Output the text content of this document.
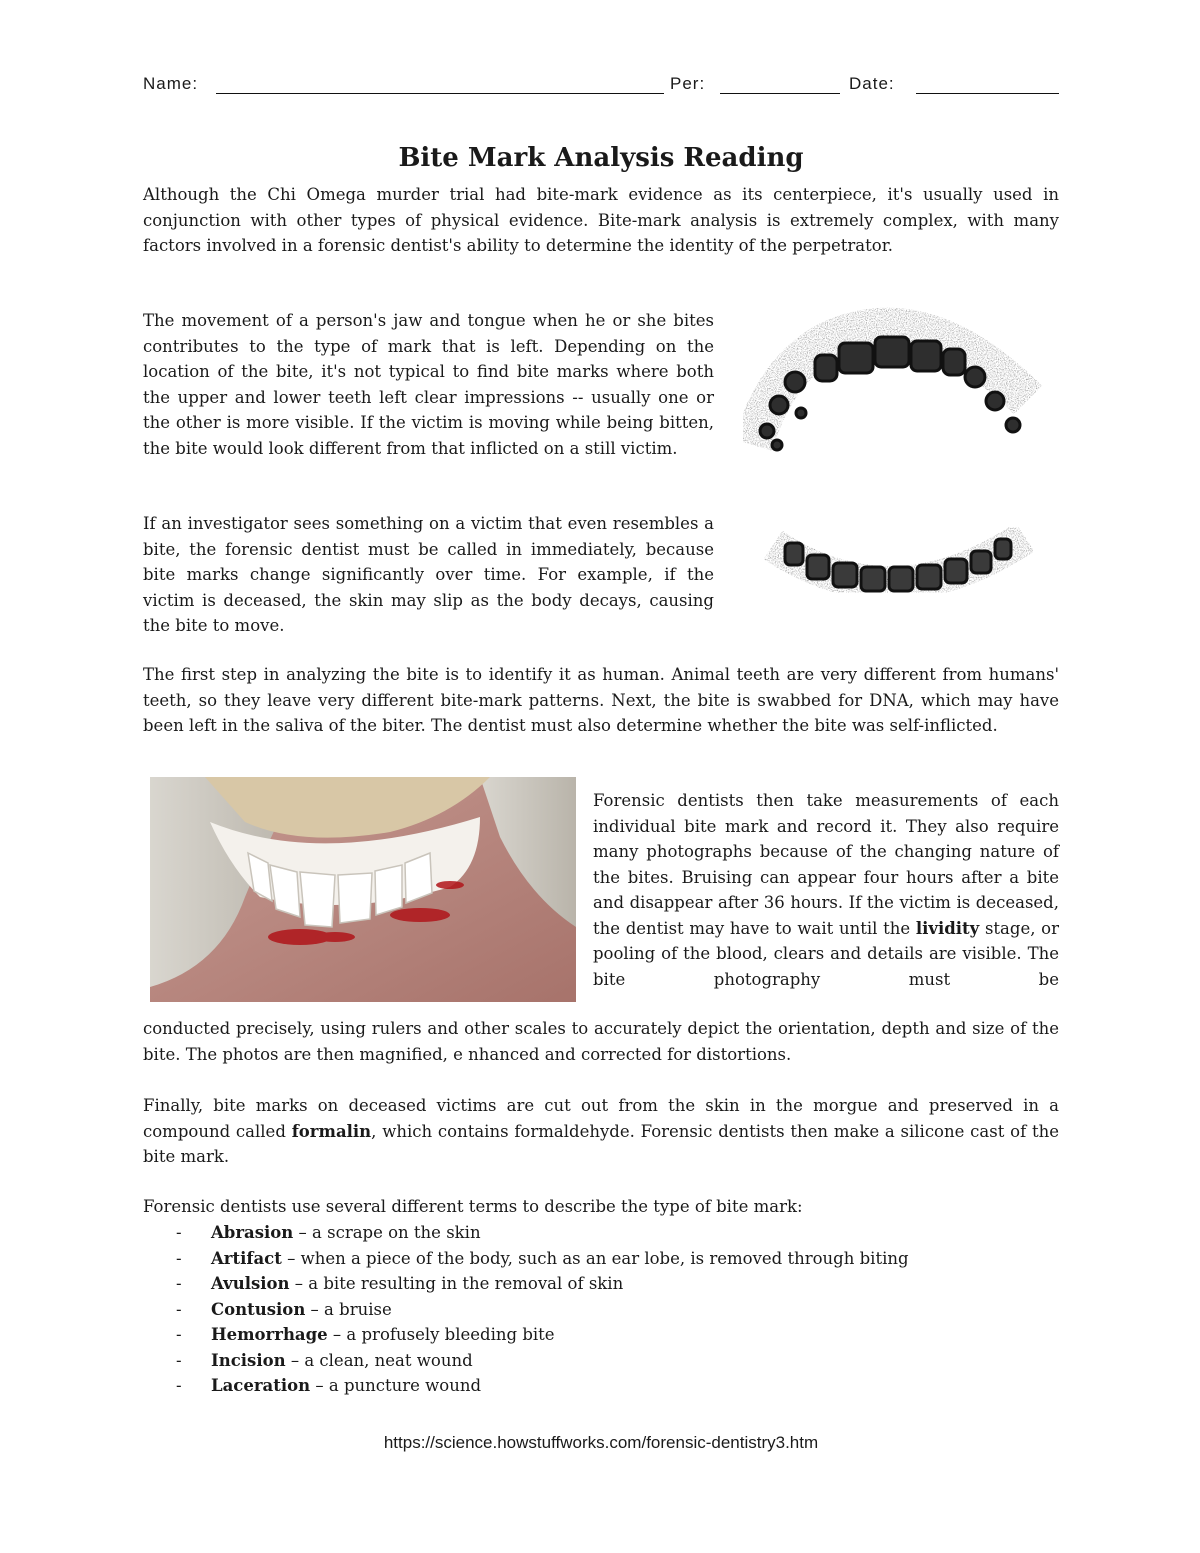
Name:	Per:	Date:
Bite Mark Analysis Reading

Although the Chi Omega murder trial had bite-mark evidence as its centerpiece, it's usually used in conjunction with other types of physical evidence. Bite-mark analysis is extremely complex, with many factors involved in a forensic dentist's ability to determine the identity of the perpetrator.

The movement of a person's jaw and tongue when he or she bites contributes to the type of mark that is left. Depending on the location of the bite, it's not typical to find bite marks where both the upper and lower teeth left clear impressions -- usually one or the other is more visible. If the victim is moving while being bitten, the bite would look different from that inflicted on a still victim.

If an investigator sees something on a victim that even resembles a bite, the forensic dentist must be called in immediately, because bite marks change significantly over time. For example, if the victim is deceased, the skin may slip as the body decays, causing the bite to move.

The first step in analyzing the bite is to identify it as human. Animal teeth are very different from humans' teeth, so they leave very different bite-mark patterns. Next, the bite is swabbed for DNA, which may have been left in the saliva of the biter. The dentist must also determine whether the bite was self-inflicted.

Forensic dentists then take measurements of each individual bite mark and record it. They also require many photographs because of the changing nature of the bites. Bruising can appear four hours after a bite and disappear after 36 hours. If the victim is deceased, the dentist may have to wait until the lividity stage, or pooling of the blood, clears and details are visible. The bite photography must be

conducted precisely, using rulers and other scales to accurately depict the orientation, depth and size of the bite. The photos are then magnified, e nhanced and corrected for distortions.

Finally, bite marks on deceased victims are cut out from the skin in the morgue and preserved in a compound called formalin, which contains formaldehyde. Forensic dentists then make a silicone cast of the bite mark.

Forensic dentists use several different terms to describe the type of bite mark:

- Abrasion – a scrape on the skin
- Artifact – when a piece of the body, such as an ear lobe, is removed through biting
- Avulsion – a bite resulting in the removal of skin
- Contusion – a bruise
- Hemorrhage – a profusely bleeding bite
- Incision – a clean, neat wound
- Laceration – a puncture wound
https://science.howstuffworks.com/forensic-dentistry3.htm
